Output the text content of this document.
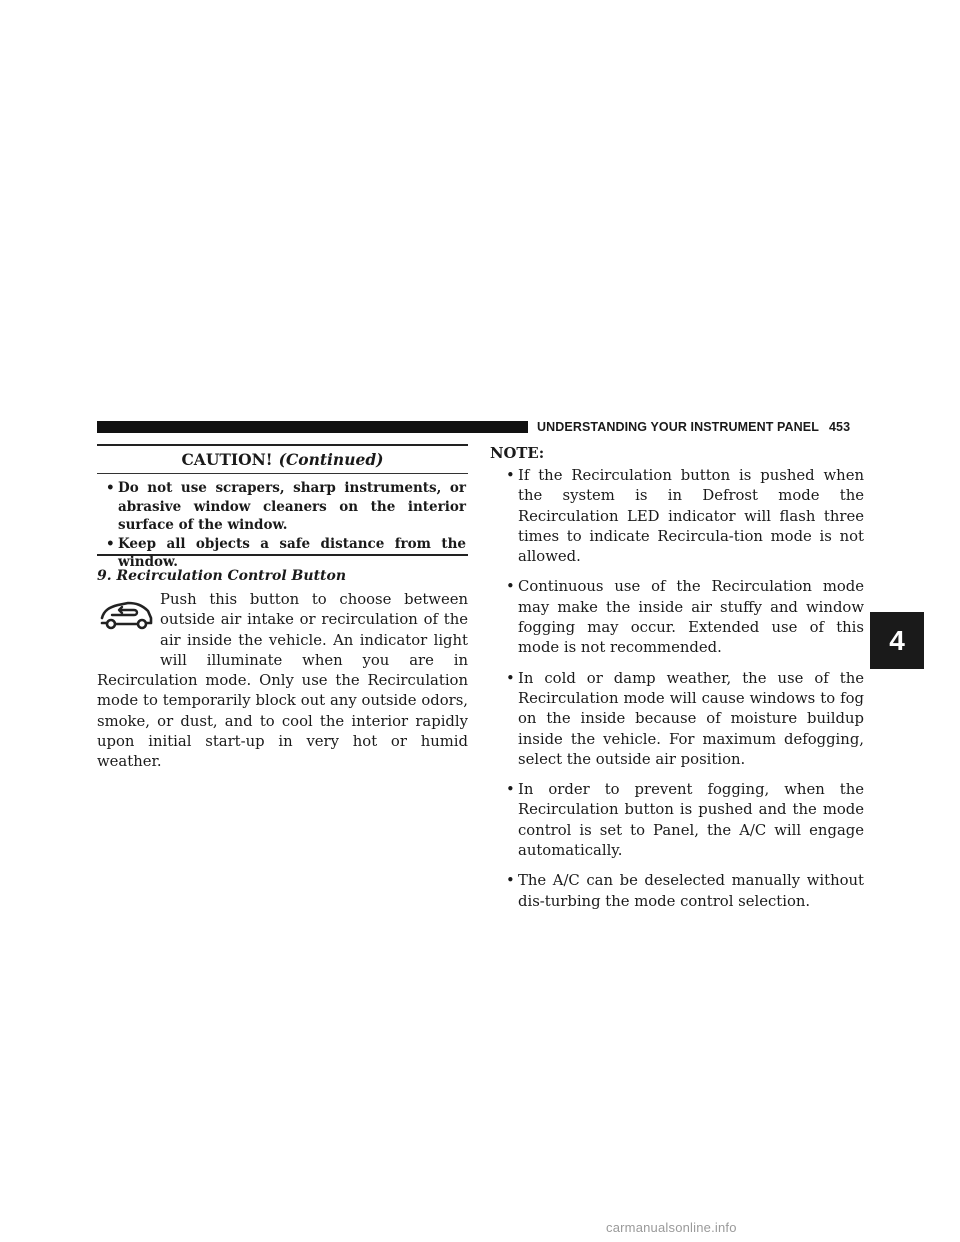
UNDERSTANDING YOUR INSTRUMENT PANEL 453
4
CAUTION! (Continued)
• Do not use scrapers, sharp instruments, or abrasive window cleaners on the interior surface of the window.
• Keep all objects a safe distance from the window.
9. Recirculation Control Button

Push this button to choose between outside air intake or recirculation of the air inside the vehicle. An indicator light will illuminate when you are in Recirculation mode. Only use the Recirculation mode to temporarily block out any outside odors, smoke, or dust, and to cool the interior rapidly upon initial start-up in very hot or humid weather.

NOTE:
• If the Recirculation button is pushed when the system is in Defrost mode the Recirculation LED indicator will flash three times to indicate Recircula-tion mode is not allowed.
• Continuous use of the Recirculation mode may make the inside air stuffy and window fogging may occur. Extended use of this mode is not recommended.
• In cold or damp weather, the use of the Recirculation mode will cause windows to fog on the inside because of moisture buildup inside the vehicle. For maximum defogging, select the outside air position.
• In order to prevent fogging, when the Recirculation button is pushed and the mode control is set to Panel, the A/C will engage automatically.
• The A/C can be deselected manually without dis-turbing the mode control selection.
carmanualsonline.info
